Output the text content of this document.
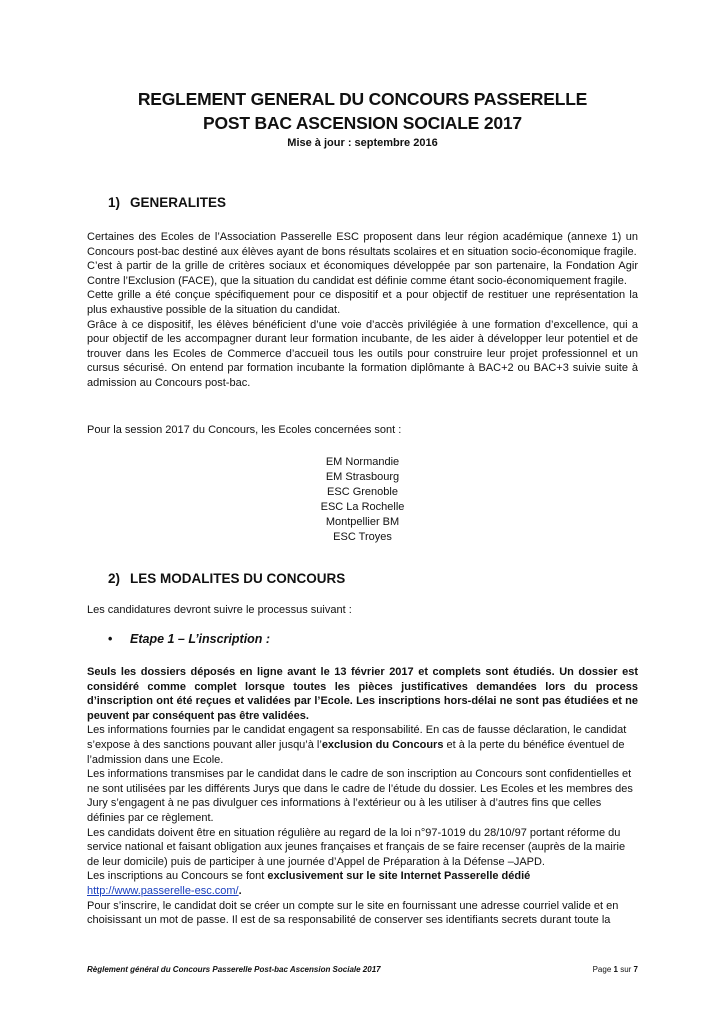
REGLEMENT GENERAL DU CONCOURS PASSERELLE
POST BAC ASCENSION SOCIALE 2017
Mise à jour : septembre 2016
1) GENERALITES
Certaines des Ecoles de l’Association Passerelle ESC proposent dans leur région académique (annexe 1) un Concours post-bac destiné aux élèves ayant de bons résultats scolaires et en situation socio-économique fragile.
C’est à partir de la grille de critères sociaux et économiques développée par son partenaire, la Fondation Agir Contre l’Exclusion (FACE), que la situation du candidat est définie comme étant socio-économiquement fragile.
Cette grille a été conçue spécifiquement pour ce dispositif et a pour objectif de restituer une représentation la plus exhaustive possible de la situation du candidat.
Grâce à ce dispositif, les élèves bénéficient d’une voie d’accès privilégiée à une formation d’excellence, qui a pour objectif de les accompagner durant leur formation incubante, de les aider à développer leur potentiel et de trouver dans les Ecoles de Commerce d’accueil tous les outils pour construire leur projet professionnel et un cursus sécurisé. On entend par formation incubante la formation diplômante à BAC+2 ou BAC+3 suivie suite à admission au Concours post-bac.
Pour la session 2017 du Concours, les Ecoles concernées sont :
EM Normandie
EM Strasbourg
ESC Grenoble
ESC La Rochelle
Montpellier BM
ESC Troyes
2) LES MODALITES DU CONCOURS
Les candidatures devront suivre le processus suivant :
• Etape 1 – L’inscription :
Seuls les dossiers déposés en ligne avant le 13 février 2017 et complets sont étudiés. Un dossier est considéré comme complet lorsque toutes les pièces justificatives demandées lors du process d’inscription ont été reçues et validées par l’Ecole. Les inscriptions hors-délai ne sont pas étudiées et ne peuvent par conséquent pas être validées.
Les informations fournies par le candidat engagent sa responsabilité. En cas de fausse déclaration, le candidat s’expose à des sanctions pouvant aller jusqu’à l’exclusion du Concours et à la perte du bénéfice éventuel de l’admission dans une Ecole.
Les informations transmises par le candidat dans le cadre de son inscription au Concours sont confidentielles et ne sont utilisées par les différents Jurys que dans le cadre de l’étude du dossier. Les Ecoles et les membres des Jury s’engagent à ne pas divulguer ces informations à l’extérieur ou à les utiliser à d’autres fins que celles définies par ce règlement.
Les candidats doivent être en situation régulière au regard de la loi n°97-1019 du 28/10/97 portant réforme du service national et faisant obligation aux jeunes françaises et français de se faire recenser (auprès de la mairie de leur domicile) puis de participer à une journée d’Appel de Préparation à la Défense –JAPD.
Les inscriptions au Concours se font exclusivement sur le site Internet Passerelle dédié http://www.passerelle-esc.com/.
Pour s’inscrire, le candidat doit se créer un compte sur le site en fournissant une adresse courriel valide et en choisissant un mot de passe. Il est de sa responsabilité de conserver ses identifiants secrets durant toute la
Règlement général du Concours Passerelle Post-bac Ascension Sociale 2017	Page 1 sur 7
